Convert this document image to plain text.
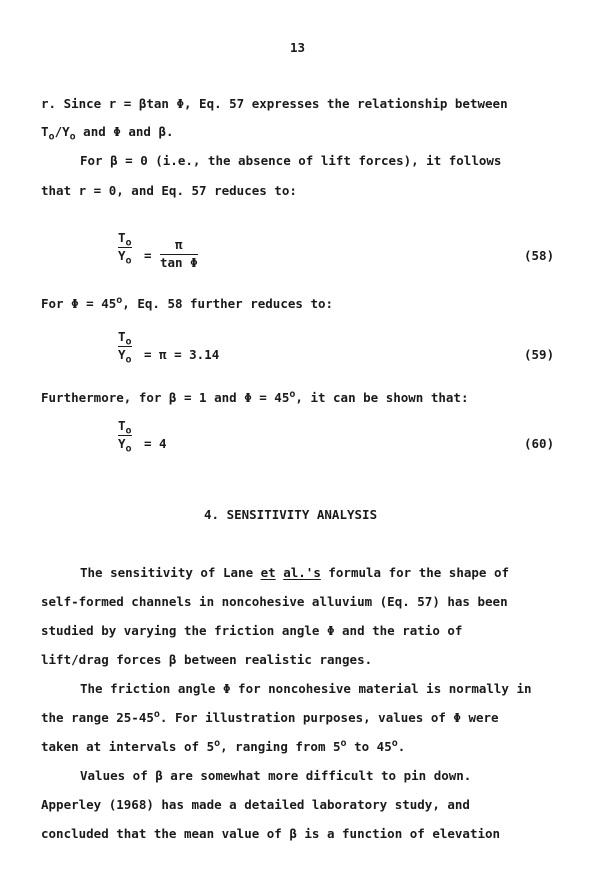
13
r. Since r = βtan Φ, Eq. 57 expresses the relationship between
$T_o/Y_o$ and Φ and β.
For β = 0 (i.e., the absence of lift forces), it follows
that r = 0, and Eq. 57 reduces to:
$T_o$
$Y_o$ =
π
tan Φ	(58)
For $\Phi = 45^o$, Eq. 58 further reduces to:
$T_o$
$Y_o = \pi = 3.14$	(59)
Furthermore, for β = 1 and $\Phi = 45^o$, it can be shown that:
$T_o$
$Y_o = 4$	(60)
4. SENSITIVITY ANALYSIS
The sensitivity of Lane et al.'s formula for the shape of
self-formed channels in noncohesive alluvium (Eq. 57) has been
studied by varying the friction angle Φ and the ratio of
lift/drag forces β between realistic ranges.
The friction angle Φ for noncohesive material is normally in
the range 25-45$^o$. For illustration purposes, values of Φ were
taken at intervals of 5$^o$, ranging from 5$^o$ to 45$^o$.
Values of β are somewhat more difficult to pin down.
Apperley (1968) has made a detailed laboratory study, and
concluded that the mean value of β is a function of elevation
